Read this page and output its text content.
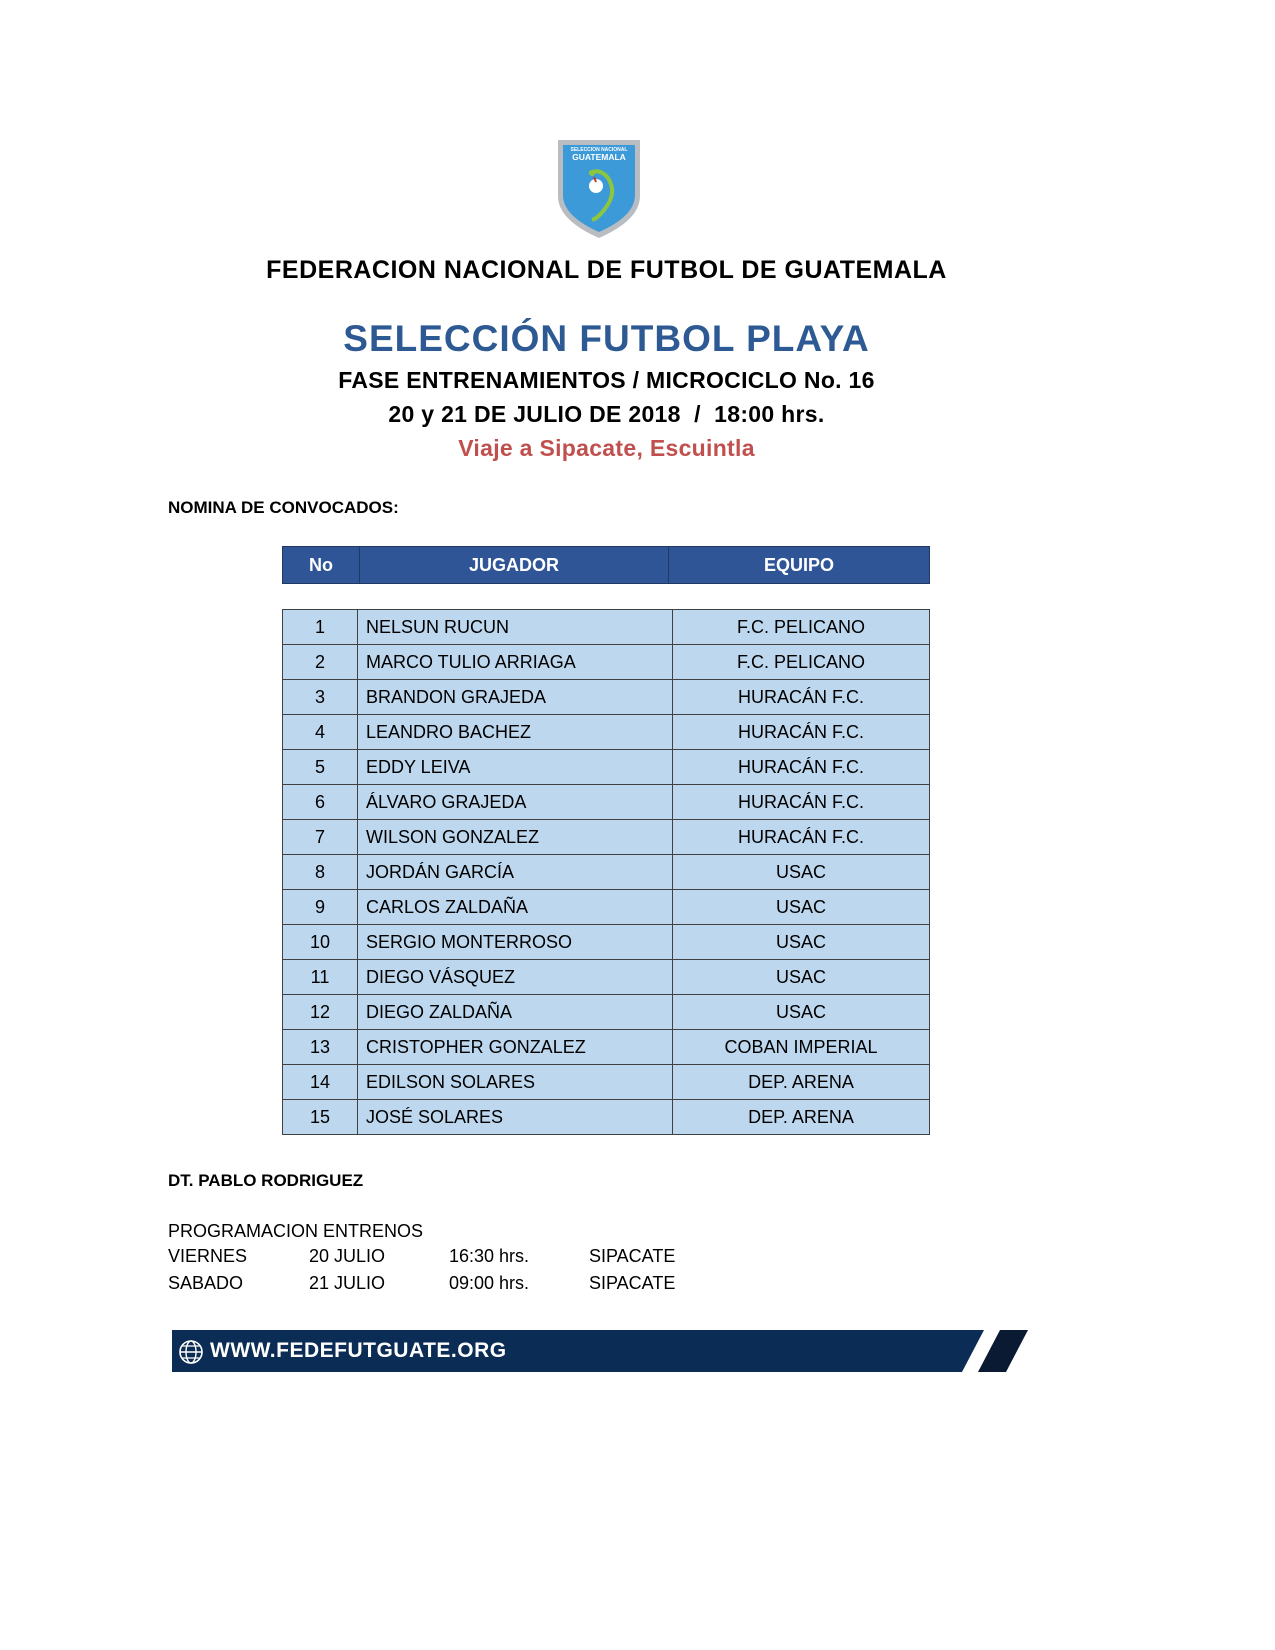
SELECCION NACIONAL
GUATEMALA
FEDERACION NACIONAL DE FUTBOL DE GUATEMALA
SELECCIÓN FUTBOL PLAYA
FASE ENTRENAMIENTOS / MICROCICLO No. 16
20 y 21 DE JULIO DE 2018  /  18:00 hrs.
Viaje a Sipacate, Escuintla
NOMINA DE CONVOCADOS:
No	JUGADOR	EQUIPO
1	NELSUN RUCUN	F.C. PELICANO
2	MARCO TULIO ARRIAGA	F.C. PELICANO
3	BRANDON GRAJEDA	HURACÁN F.C.
4	LEANDRO BACHEZ	HURACÁN F.C.
5	EDDY LEIVA	HURACÁN F.C.
6	ÁLVARO GRAJEDA	HURACÁN F.C.
7	WILSON GONZALEZ	HURACÁN F.C.
8	JORDÁN GARCÍA	USAC
9	CARLOS ZALDAÑA	USAC
10	SERGIO MONTERROSO	USAC
11	DIEGO VÁSQUEZ	USAC
12	DIEGO ZALDAÑA	USAC
13	CRISTOPHER GONZALEZ	COBAN IMPERIAL
14	EDILSON SOLARES	DEP. ARENA
15	JOSÉ SOLARES	DEP. ARENA
DT. PABLO RODRIGUEZ
PROGRAMACION ENTRENOS
VIERNES	20 JULIO	16:30 hrs.	SIPACATE
SABADO	21 JULIO	09:00 hrs.	SIPACATE
WWW.FEDEFUTGUATE.ORG
